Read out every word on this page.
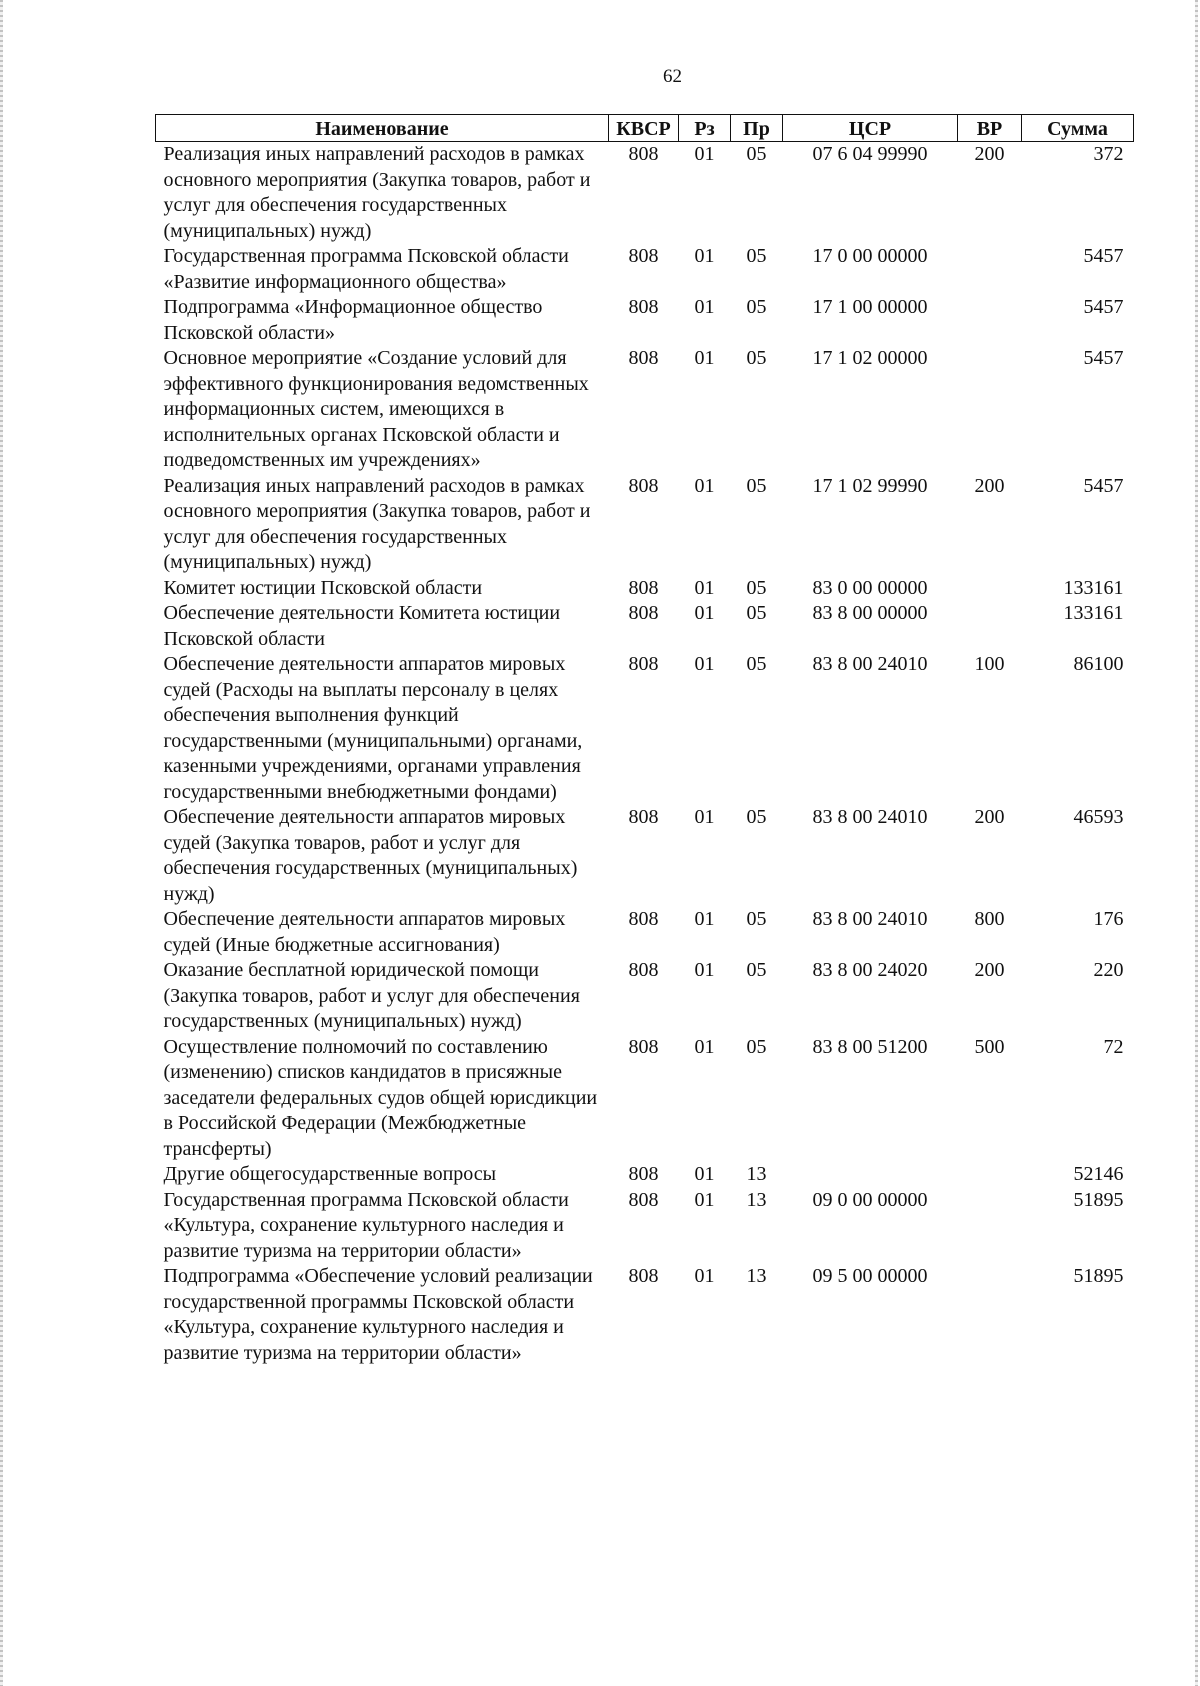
62
Наименование	КВСР	Рз	Пр	ЦСР	ВР	Сумма
Реализация иных направлений расходов в рамках основного мероприятия (Закупка товаров, работ и услуг для обеспечения государственных (муниципальных) нужд)	808	01	05	07 6 04 99990	200	372
Государственная программа Псковской области «Развитие информационного общества»	808	01	05	17 0 00 00000		5457
Подпрограмма «Информационное общество Псковской области»	808	01	05	17 1 00 00000		5457
Основное мероприятие «Создание условий для эффективного функционирования ведомственных информационных систем, имеющихся в исполнительных органах Псковской области и подведомственных им учреждениях»	808	01	05	17 1 02 00000		5457
Реализация иных направлений расходов в рамках основного мероприятия (Закупка товаров, работ и услуг для обеспечения государственных (муниципальных) нужд)	808	01	05	17 1 02 99990	200	5457
Комитет юстиции Псковской области	808	01	05	83 0 00 00000		133161
Обеспечение деятельности Комитета юстиции Псковской области	808	01	05	83 8 00 00000		133161
Обеспечение деятельности аппаратов мировых судей (Расходы на выплаты персоналу в целях обеспечения выполнения функций государственными (муниципальными) органами, казенными учреждениями, органами управления государственными внебюджетными фондами)	808	01	05	83 8 00 24010	100	86100
Обеспечение деятельности аппаратов мировых судей (Закупка товаров, работ и услуг для обеспечения государственных (муниципальных) нужд)	808	01	05	83 8 00 24010	200	46593
Обеспечение деятельности аппаратов мировых судей (Иные бюджетные ассигнования)	808	01	05	83 8 00 24010	800	176
Оказание бесплатной юридической помощи (Закупка товаров, работ и услуг для обеспечения государственных (муниципальных) нужд)	808	01	05	83 8 00 24020	200	220
Осуществление полномочий по составлению (изменению) списков кандидатов в присяжные заседатели федеральных судов общей юрисдикции в Российской Федерации (Межбюджетные трансферты)	808	01	05	83 8 00 51200	500	72
Другие общегосударственные вопросы	808	01	13			52146
Государственная программа Псковской области «Культура, сохранение культурного наследия и развитие туризма на территории области»	808	01	13	09 0 00 00000		51895
Подпрограмма «Обеспечение условий реализации государственной программы Псковской области «Культура, сохранение культурного наследия и развитие туризма на территории области»	808	01	13	09 5 00 00000		51895
